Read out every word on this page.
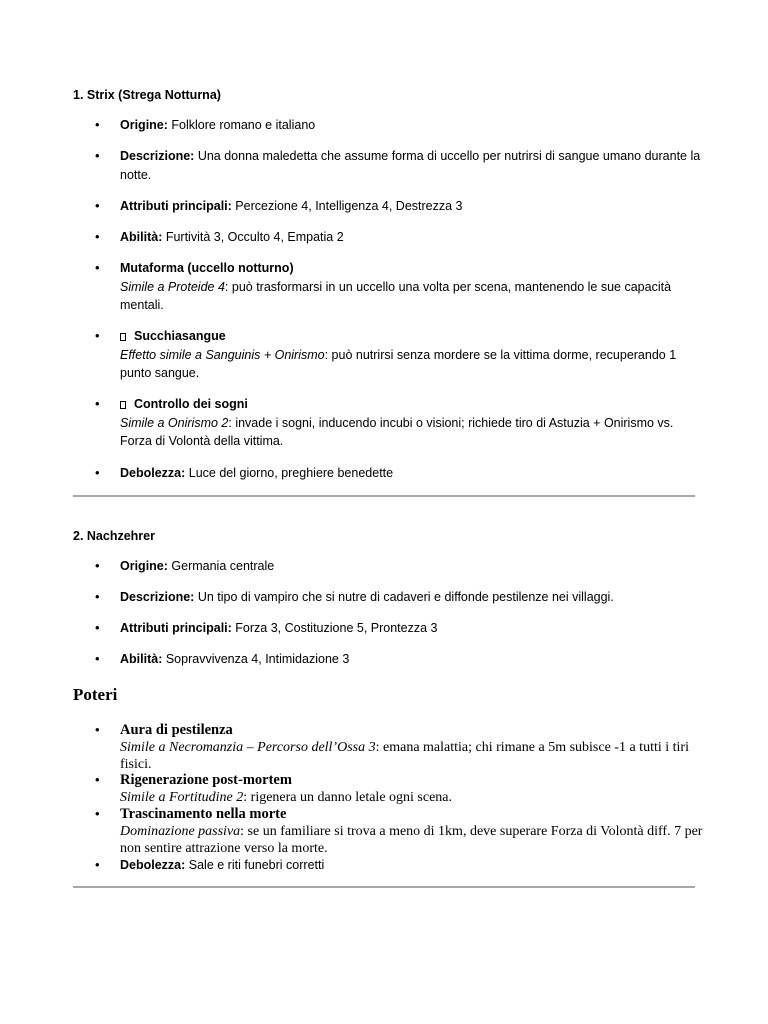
1. Strix (Strega Notturna)
• Origine: Folklore romano e italiano
• Descrizione: Una donna maledetta che assume forma di uccello per nutrirsi di sangue umano durante la notte.
• Attributi principali: Percezione 4, Intelligenza 4, Destrezza 3
• Abilità: Furtività 3, Occulto 4, Empatia 2
• Mutaforma (uccello notturno)
Simile a Proteide 4: può trasformarsi in un uccello una volta per scena, mantenendo le sue capacità mentali.
• Succhiasangue
Effetto simile a Sanguinis + Onirismo: può nutrirsi senza mordere se la vittima dorme, recuperando 1 punto sangue.
• Controllo dei sogni
Simile a Onirismo 2: invade i sogni, inducendo incubi o visioni; richiede tiro di Astuzia + Onirismo vs. Forza di Volontà della vittima.
• Debolezza: Luce del giorno, preghiere benedette
2. Nachzehrer
• Origine: Germania centrale
• Descrizione: Un tipo di vampiro che si nutre di cadaveri e diffonde pestilenze nei villaggi.
• Attributi principali: Forza 3, Costituzione 5, Prontezza 3
• Abilità: Sopravvivenza 4, Intimidazione 3
Poteri
• Aura di pestilenza
Simile a Necromanzia – Percorso dell’Ossa 3: emana malattia; chi rimane a 5m subisce -1 a tutti i tiri fisici.
• Rigenerazione post-mortem
Simile a Fortitudine 2: rigenera un danno letale ogni scena.
• Trascinamento nella morte
Dominazione passiva: se un familiare si trova a meno di 1km, deve superare Forza di Volontà diff. 7 per non sentire attrazione verso la morte.
• Debolezza: Sale e riti funebri corretti
